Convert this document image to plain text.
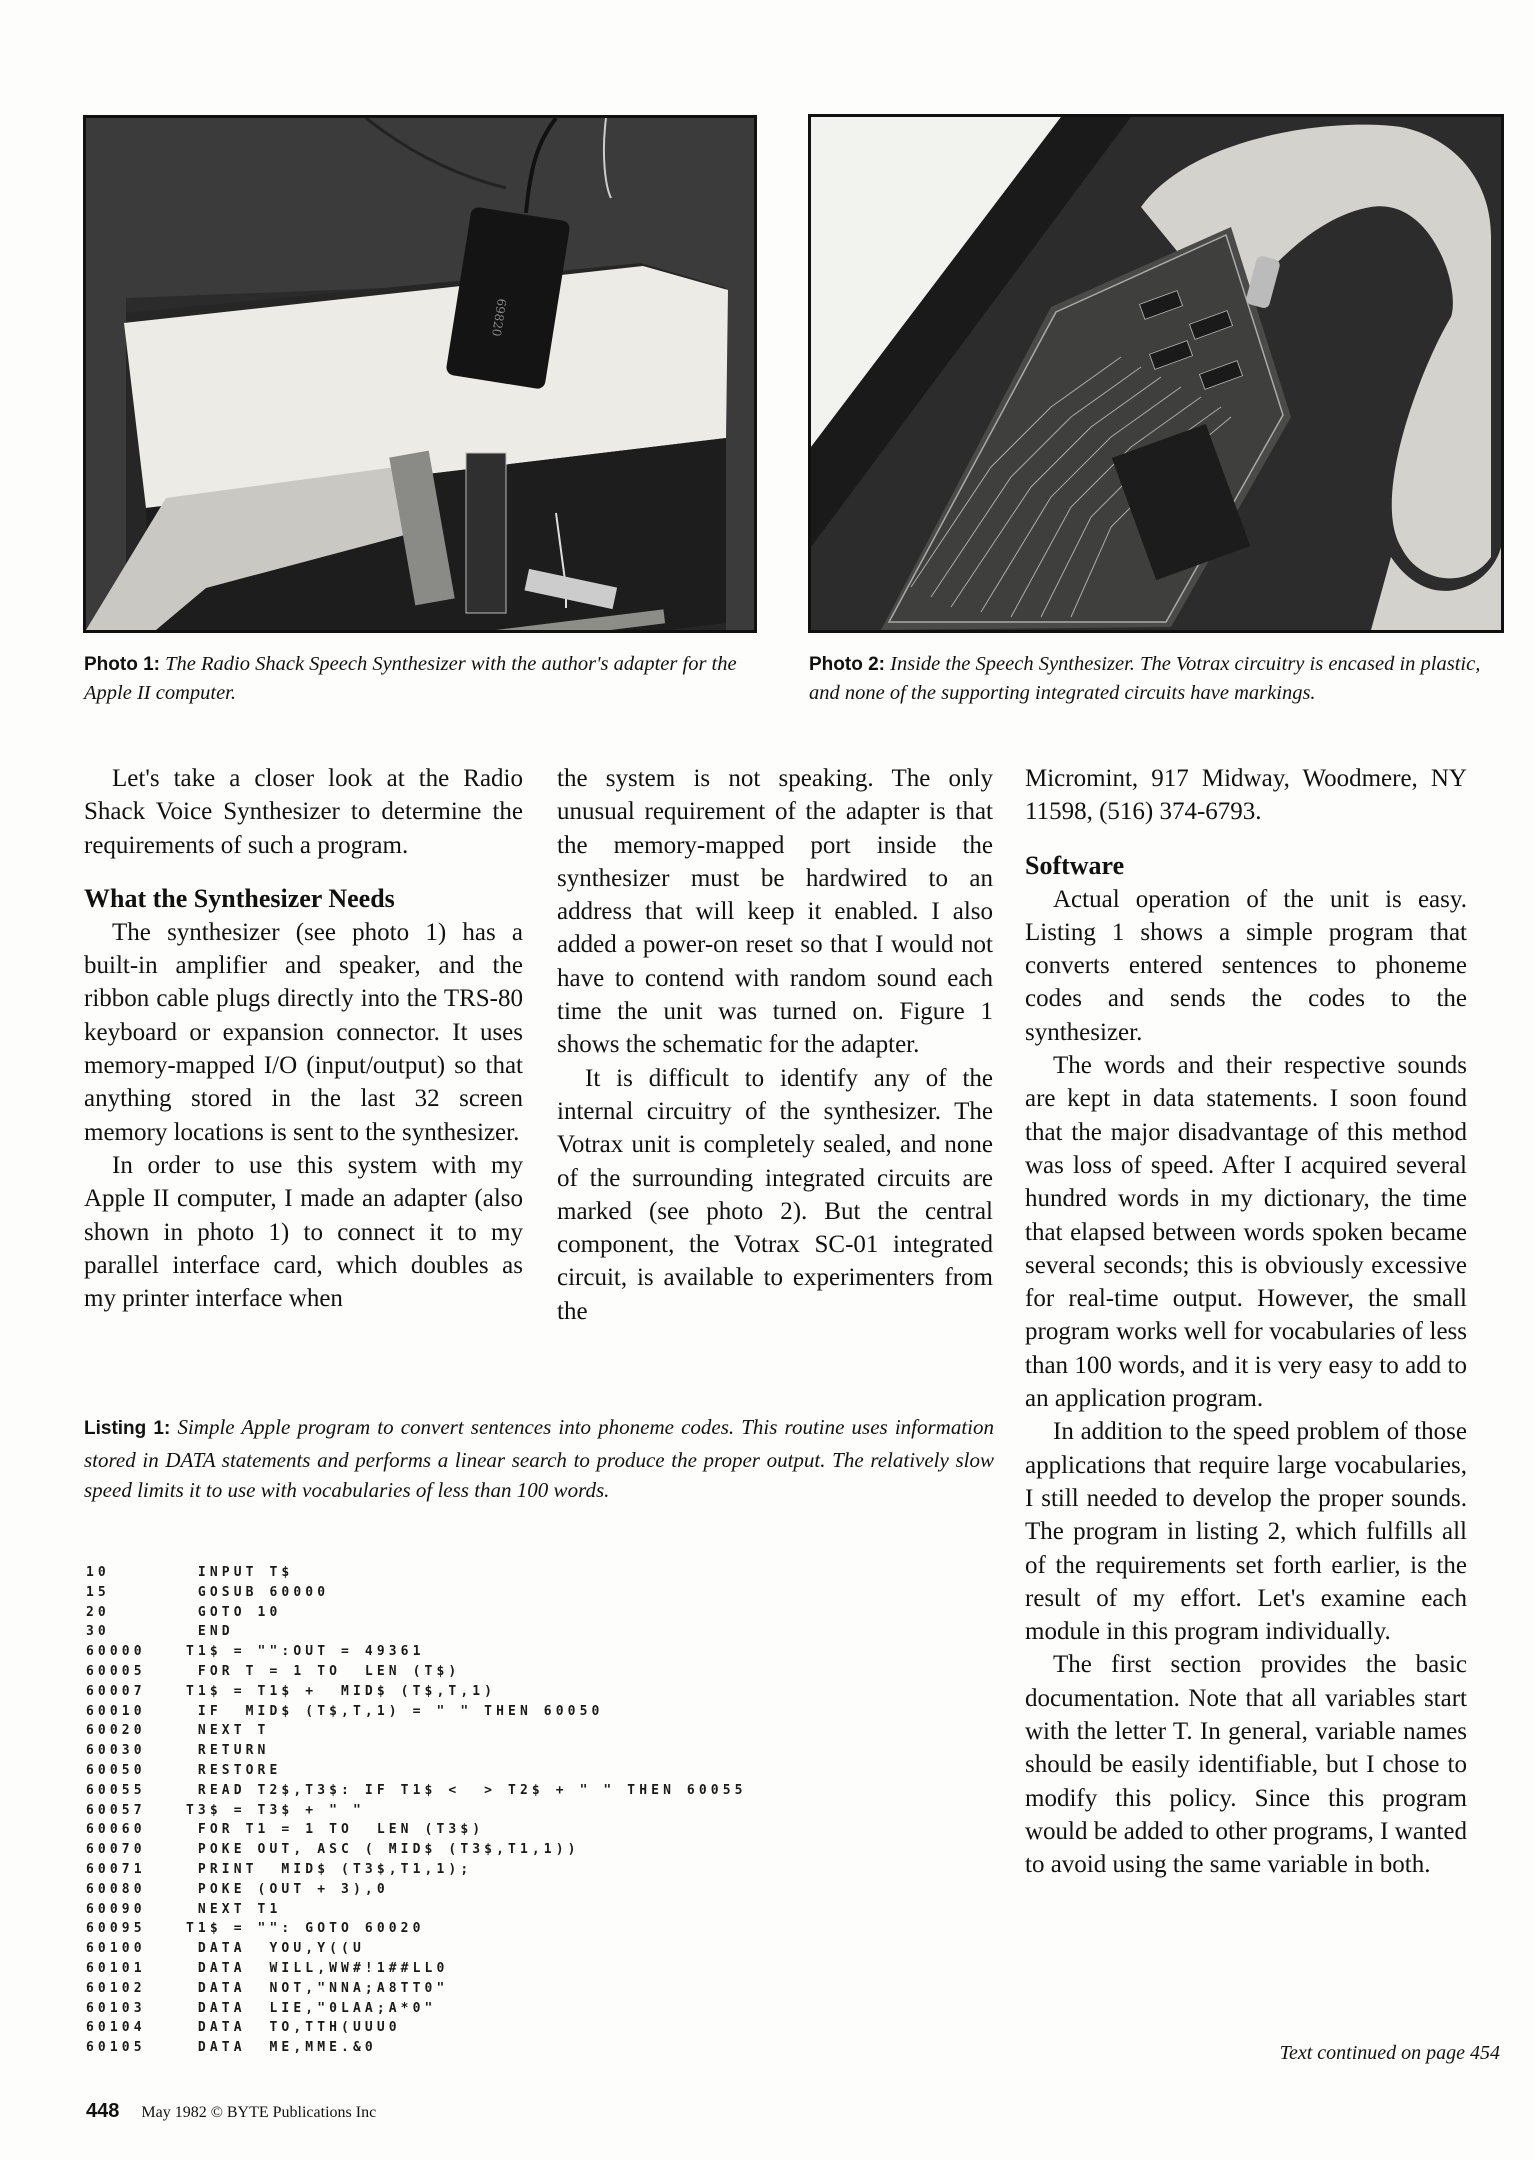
69820
Photo 1: The Radio Shack Speech Synthesizer with the author's adapter for the Apple II computer.
Photo 2: Inside the Speech Synthesizer. The Votrax circuitry is encased in plastic, and none of the supporting integrated circuits have markings.

Let's take a closer look at the Radio Shack Voice Synthesizer to determine the requirements of such a program.

What the Synthesizer Needs

The synthesizer (see photo 1) has a built-in amplifier and speaker, and the ribbon cable plugs directly into the TRS-80 keyboard or expansion connector. It uses memory-mapped I/O (input/output) so that anything stored in the last 32 screen memory locations is sent to the synthesizer.

In order to use this system with my Apple II computer, I made an adapter (also shown in photo 1) to connect it to my parallel interface card, which doubles as my printer interface when

the system is not speaking. The only unusual requirement of the adapter is that the memory-mapped port inside the synthesizer must be hardwired to an address that will keep it enabled. I also added a power-on reset so that I would not have to contend with random sound each time the unit was turned on. Figure 1 shows the schematic for the adapter.

It is difficult to identify any of the internal circuitry of the synthesizer. The Votrax unit is completely sealed, and none of the surrounding integrated circuits are marked (see photo 2). But the central component, the Votrax SC-01 integrated circuit, is available to experimenters from the

Micromint, 917 Midway, Woodmere, NY 11598, (516) 374-6793.

Software

Actual operation of the unit is easy. Listing 1 shows a simple program that converts entered sentences to phoneme codes and sends the codes to the synthesizer.

The words and their respective sounds are kept in data statements. I soon found that the major disadvantage of this method was loss of speed. After I acquired several hundred words in my dictionary, the time that elapsed between words spoken became several seconds; this is obviously excessive for real-time output. However, the small program works well for vocabularies of less than 100 words, and it is very easy to add to an application program.

In addition to the speed problem of those applications that require large vocabularies, I still needed to develop the proper sounds. The program in listing 2, which fulfills all of the requirements set forth earlier, is the result of my effort. Let's examine each module in this program individually.

The first section provides the basic documentation. Note that all variables start with the letter T. In general, variable names should be easily identifiable, but I chose to modify this policy. Since this program would be added to other programs, I wanted to avoid using the same variable in both.

Text continued on page 454
Listing 1: Simple Apple program to convert sentences into phoneme codes. This routine uses information stored in DATA statements and performs a linear search to produce the proper output. The relatively slow speed limits it to use with vocabularies of less than 100 words.
10	INPUT T$
15	GOSUB 60000
20	GOTO 10
30	END
60000	T1$ = "":OUT = 49361
60005	FOR T = 1 TO  LEN (T$)
60007	T1$ = T1$ +  MID$ (T$,T,1)
60010	IF  MID$ (T$,T,1) = " " THEN 60050
60020	NEXT T
60030	RETURN
60050	RESTORE
60055	READ T2$,T3$: IF T1$ <  > T2$ + " " THEN 60055
60057	T3$ = T3$ + " "
60060	FOR T1 = 1 TO  LEN (T3$)
60070	POKE OUT, ASC ( MID$ (T3$,T1,1))
60071	PRINT  MID$ (T3$,T1,1);
60080	POKE (OUT + 3),0
60090	NEXT T1
60095	T1$ = "": GOTO 60020
60100	DATA  YOU,Y((U
60101	DATA  WILL,WW#!1##LL0
60102	DATA  NOT,"NNA;A8TT0"
60103	DATA  LIE,"0LAA;A*0"
60104	DATA  TO,TTH(UUU0
60105	DATA  ME,MME.&0
448 May 1982 © BYTE Publications Inc
